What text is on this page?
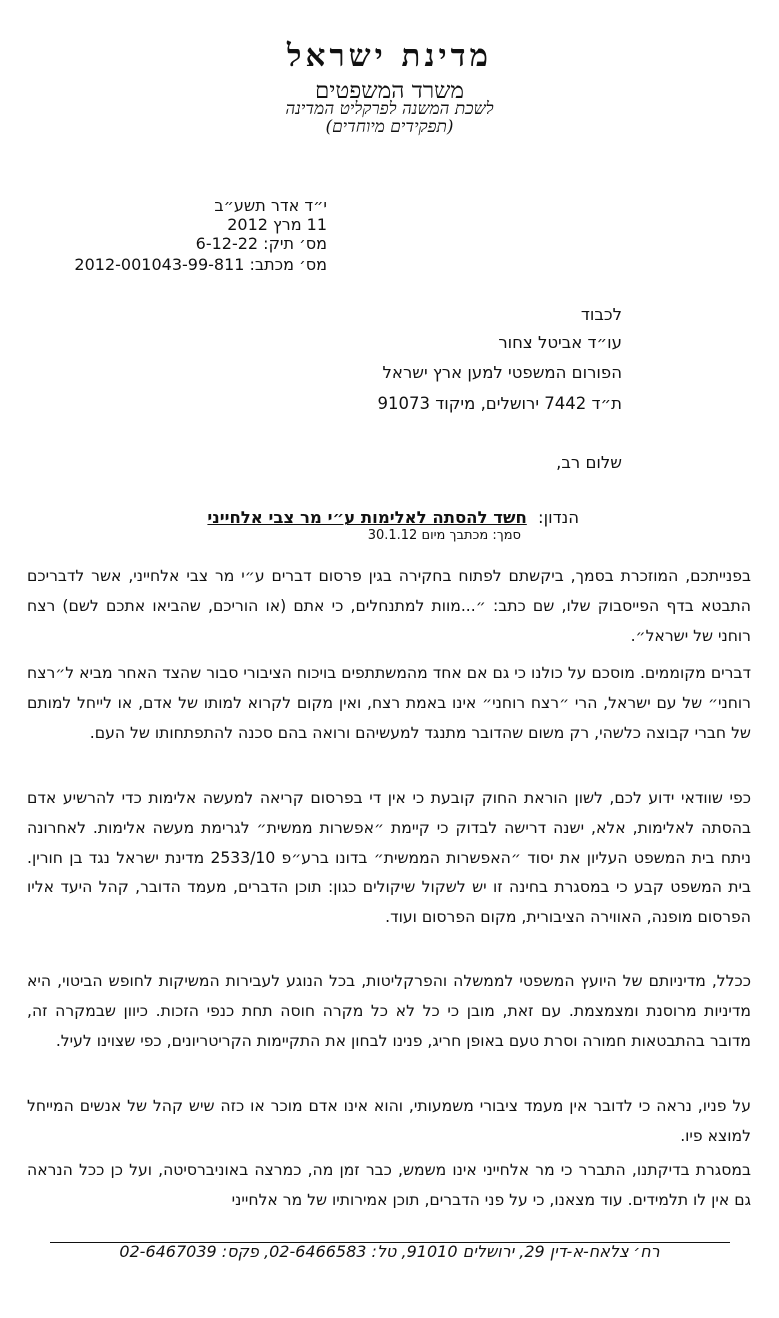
מדינת ישראל
משרד המשפטים
לשכת המשנה לפרקליט המדינה
(תפקידים מיוחדים)
י״ד אדר תשע״ב
11 מרץ 2012
מס׳ תיק: 6-12-22
מס׳ מכתב: 2012-001043-99-811
לכבוד
עו״ד אביטל צחור
הפורום המשפטי למען ארץ ישראל
ת״ד 7442 ירושלים, מיקוד 91073
שלום רב,
הנדון: חשד להסתה לאלימות ע״י מר צבי אלחייני
סמך: מכתבך מיום 30.1.12
בפנייתכם, המוזכרת בסמך, ביקשתם לפתוח בחקירה בגין פרסום דברים ע״י מר צבי אלחייני, אשר לדבריכם התבטא בדף הפייסבוק שלו, שם כתב: ״...מוות למתנחלים, כי אתם (או הוריכם, שהביאו אתכם לשם) רצח רוחני של ישראל״.
דברים מקוממים. מוסכם על כולנו כי גם אם אחד מהמשתתפים בויכוח הציבורי סבור שהצד האחר מביא ל״רצח רוחני״ של עם ישראל, הרי ״רצח רוחני״ אינו באמת רצח, ואין מקום לקרוא למותו של אדם, או לייחל למותם של חברי קבוצה כלשהי, רק משום שהדובר מתנגד למעשיהם ורואה בהם סכנה להתפתחותו של העם.
כפי שוודאי ידוע לכם, לשון הוראת החוק קובעת כי אין די בפרסום קריאה למעשה אלימות כדי להרשיע אדם בהסתה לאלימות, אלא, ישנה דרישה לבדוק כי קיימת ״אפשרות ממשית״ לגרימת מעשה אלימות. לאחרונה ניתח בית המשפט העליון את יסוד ״האפשרות הממשית״ בדונו ברע״פ 2533/10 מדינת ישראל נגד בן חורין. בית המשפט קבע כי במסגרת בחינה זו יש לשקול שיקולים כגון: תוכן הדברים, מעמד הדובר, קהל היעד אליו הפרסום מופנה, האווירה הציבורית, מקום הפרסום ועוד.
ככלל, מדיניותם של היועץ המשפטי לממשלה והפרקליטות, בכל הנוגע לעבירות המשיקות לחופש הביטוי, היא מדיניות מרוסנת ומצמצמת. עם זאת, מובן כי כל לא כל מקרה חוסה תחת כנפי הזכות. כיוון שבמקרה זה, מדובר בהתבטאות חמורה וסרת טעם באופן חריג, פנינו לבחון את התקיימות הקריטריונים, כפי שצוינו לעיל.
על פניו, נראה כי לדובר אין מעמד ציבורי משמעותי, והוא אינו אדם מוכר או כזה שיש קהל של אנשים המייחל למוצא פיו.
במסגרת בדיקתנו, התברר כי מר אלחייני אינו משמש, כבר זמן מה, כמרצה באוניברסיטה, ועל כן ככל הנראה גם אין לו תלמידים. עוד מצאנו, כי על פני הדברים, תוכן אמירותיו של מר אלחייני
רח׳ צלאח-א-דין 29, ירושלים 91010, טל: 02-6466583, פקס: 02-6467039
